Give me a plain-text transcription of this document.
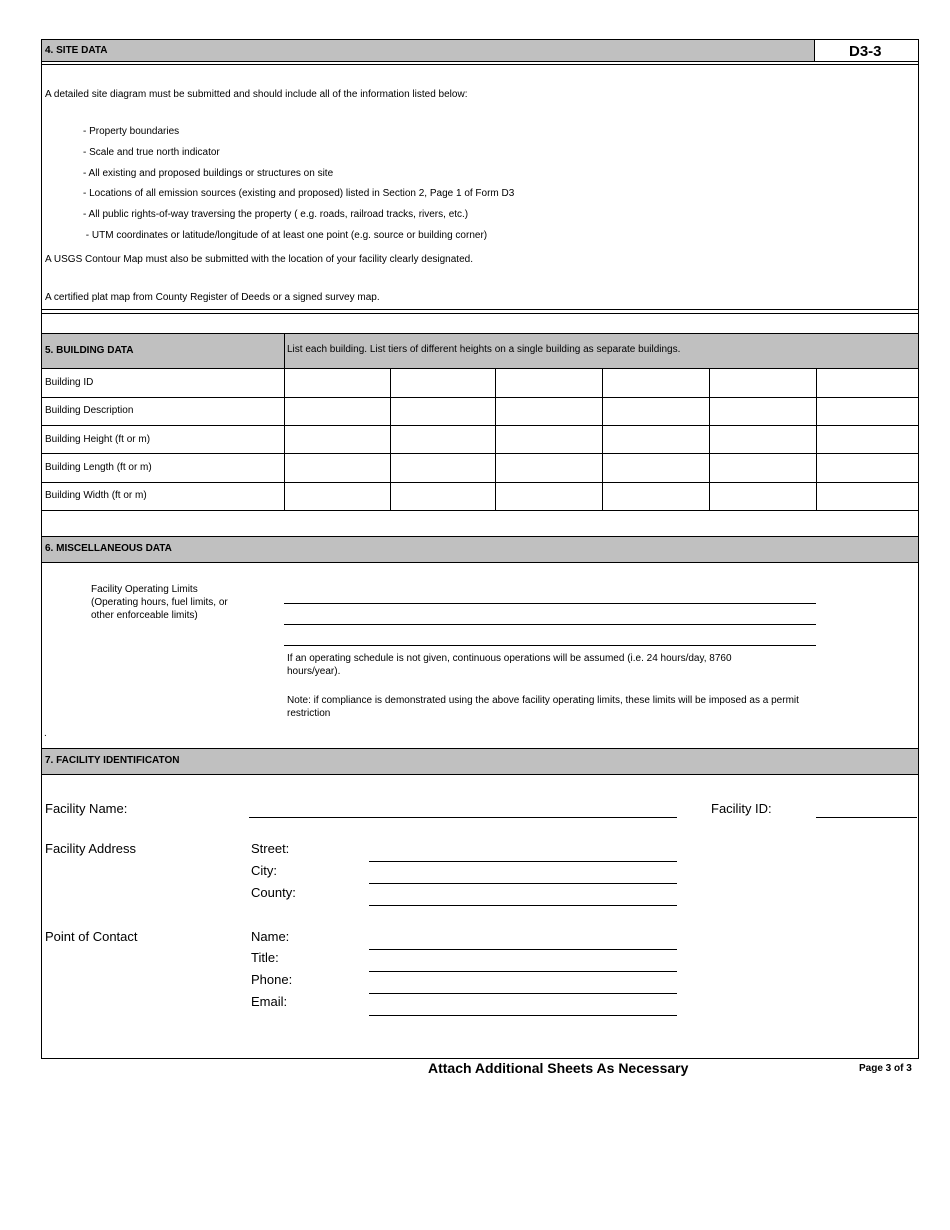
4. SITE DATA	D3-3
A detailed site diagram must be submitted and should include all of the information listed below:
- Property boundaries
- Scale and true north indicator
- All existing and proposed buildings or structures on site
- Locations of all emission sources (existing and proposed) listed in Section 2, Page 1 of Form D3
- All public rights-of-way traversing the property ( e.g. roads, railroad tracks, rivers, etc.)
- UTM coordinates or latitude/longitude of at least one point (e.g. source or building corner)
A USGS Contour Map must also be submitted with the location of your facility clearly designated.
A certified plat map from County Register of Deeds or a signed survey map.
5. BUILDING DATA	List each building. List tiers of different heights on a single building as separate buildings.
Building ID
Building Description
Building Height (ft or m)
Building Length (ft or m)
Building Width (ft or m)
6. MISCELLANEOUS DATA
Facility Operating Limits
(Operating hours, fuel limits, or
other enforceable limits)
If an operating schedule is not given, continuous operations will be assumed (i.e. 24 hours/day, 8760 hours/year).
Note: if compliance is demonstrated using the above facility operating limits, these limits will be imposed as a permit restriction
.
7. FACILITY IDENTIFICATON
Facility Name:	Facility ID:
Facility Address	Street:
City:
County:
Point of Contact	Name:
Title:
Phone:
Email:
Attach Additional Sheets As Necessary	Page 3 of 3
